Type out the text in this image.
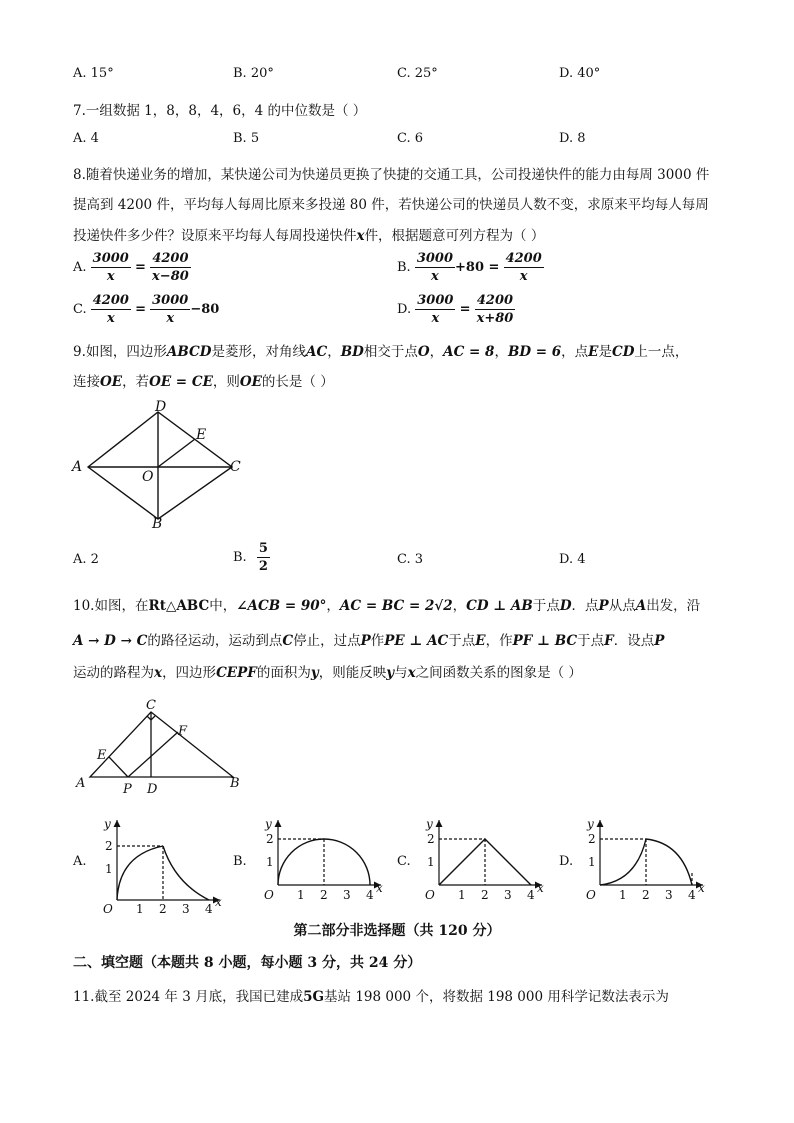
A. 15°	B. 20°	C. 25°	D. 40°
7.一组数据 1，8，8，4，6，4 的中位数是（ ）
A. 4	B. 5	C. 6	D. 8
8.随着快递业务的增加，某快递公司为快递员更换了快捷的交通工具，公司投递快件的能力由每周 3000 件
提高到 4200 件，平均每人每周比原来多投递 80 件，若快递公司的快递员人数不变，求原来平均每人每周
投递快件多少件？设原来平均每人每周投递快件x件，根据题意可列方程为（ ）
A. $\frac{3000}{x} = \frac{4200}{x-80}$	B. $\frac{3000}{x} +80 = \frac{4200}{x}$
C. $\frac{4200}{x} = \frac{3000}{x} -80$	D. $\frac{3000}{x} = \frac{4200}{x+80}$
9.如图，四边形ABCD是菱形，对角线AC，BD相交于点O，AC = 8，BD = 6，点E是CD上一点，
连接OE，若OE = CE，则OE的长是（ ）
A
D
E
C
O
B
A. 2	B. $\frac{5}{2}$	C. 3	D. 4
10.如图，在Rt△ABC中，∠ACB = 90°，AC = BC = 2√2，CD ⊥ AB于点D．点P从点A出发，沿
A → D → C的路径运动，运动到点C停止，过点P作PE ⊥ AC于点E，作PF ⊥ BC于点F．设点P
运动的路程为x，四边形CEPF的面积为y，则能反映y与x之间函数关系的图象是（ ）
A
C
E
F
P D	B
A.	B.	C.	D.
y
x
O
2
1
1 2 3 4
y
x
O
2
1
1 2 3 4
y
x
O
2
1
1 2 3 4
y
x
O
2
1
1 2 3 4
第二部分非选择题（共 120 分）
二、填空题（本题共 8 小题，每小题 3 分，共 24 分）
11.截至 2024 年 3 月底，我国已建成5G基站 198 000 个，将数据 198 000 用科学记数法表示为
